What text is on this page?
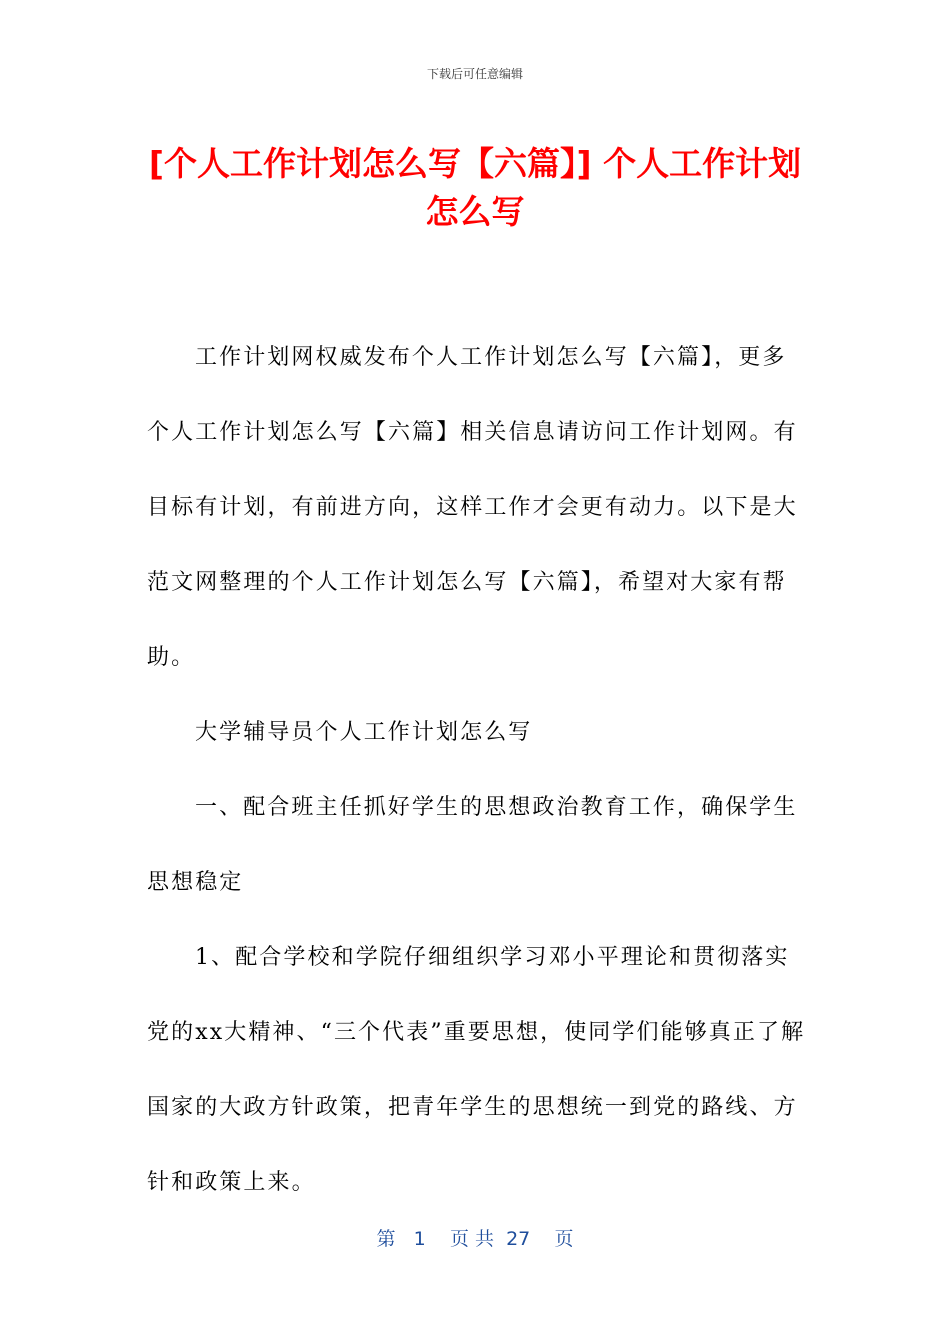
下载后可任意编辑
[个人工作计划怎么写【六篇】] 个人工作计划怎么写

工作计划网权威发布个人工作计划怎么写【六篇】，更多个人工作计划怎么写【六篇】相关信息请访问工作计划网。有目标有计划，有前进方向，这样工作才会更有动力。以下是大范文网整理的个人工作计划怎么写【六篇】，希望对大家有帮助。

大学辅导员个人工作计划怎么写

一、配合班主任抓好学生的思想政治教育工作，确保学生思想稳定

1、配合学校和学院仔细组织学习邓小平理论和贯彻落实党的xx大精神、“三个代表”重要思想，使同学们能够真正了解国家的大政方针政策，把青年学生的思想统一到党的路线、方针和政策上来。

第 1 页 共 27 页
